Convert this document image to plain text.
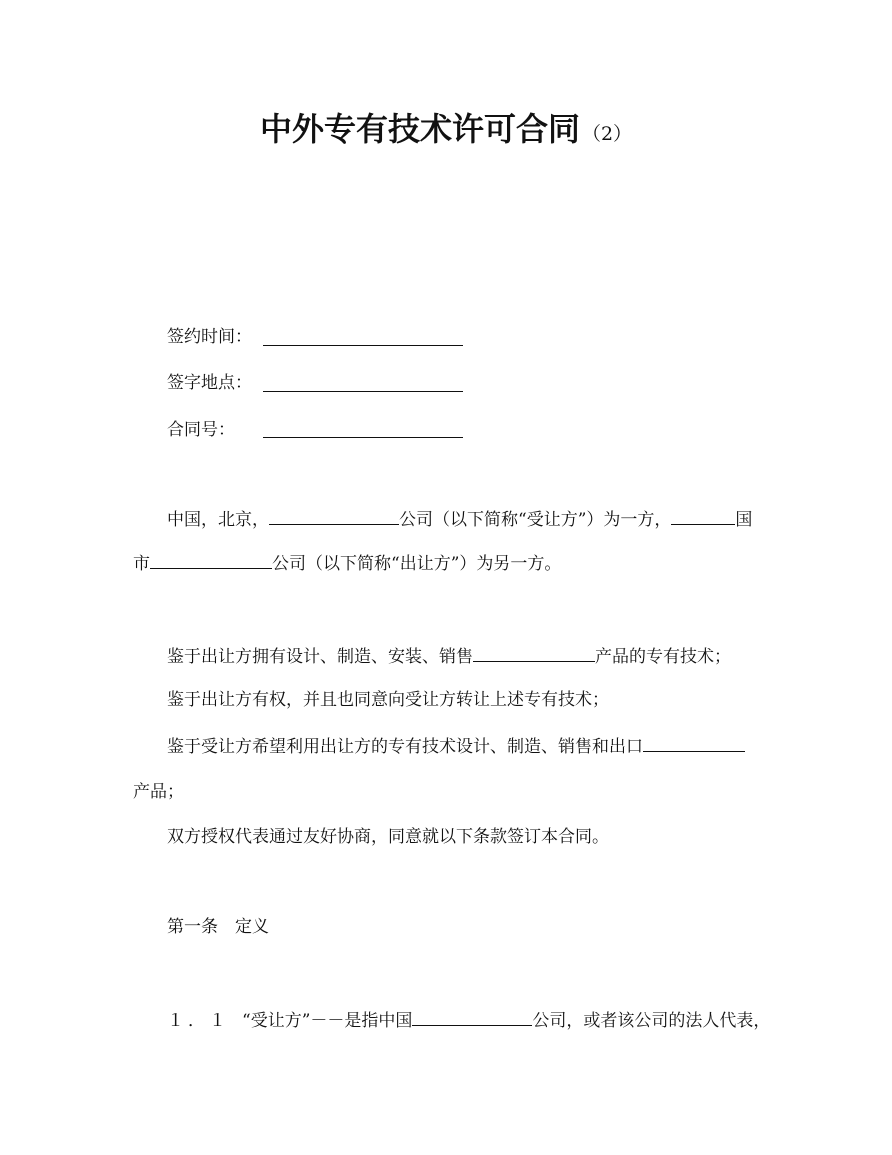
中外专有技术许可合同 （2）
签约时间：
签字地点：
合同号：
中国，北京，	公司（以下简称“受让方”）为一方，	国
市	公司（以下简称“出让方”）为另一方。
鉴于出让方拥有设计、制造、安装、销售	产品的专有技术；
鉴于出让方有权，并且也同意向受让方转让上述专有技术；
鉴于受让方希望利用出让方的专有技术设计、制造、销售和出口
产品；
双方授权代表通过友好协商，同意就以下条款签订本合同。
第一条　定义
１．１ “受让方”－－是指中国	公司，或者该公司的法人代表，
